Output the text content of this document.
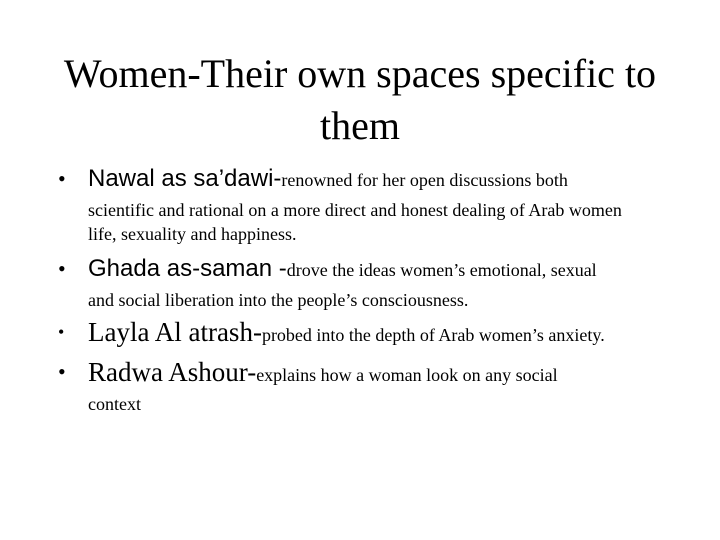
Women-Their own spaces specific to them
• Nawal as sa’dawi-renowned for her open discussions both
scientific and rational on a more direct and honest dealing of Arab women life, sexuality and happiness.
• Ghada as-saman -drove the ideas women’s emotional, sexual
and social liberation into the people’s consciousness.
• Layla Al atrash-probed into the depth of Arab women’s anxiety.
• Radwa Ashour-explains how a woman look on any social
context
